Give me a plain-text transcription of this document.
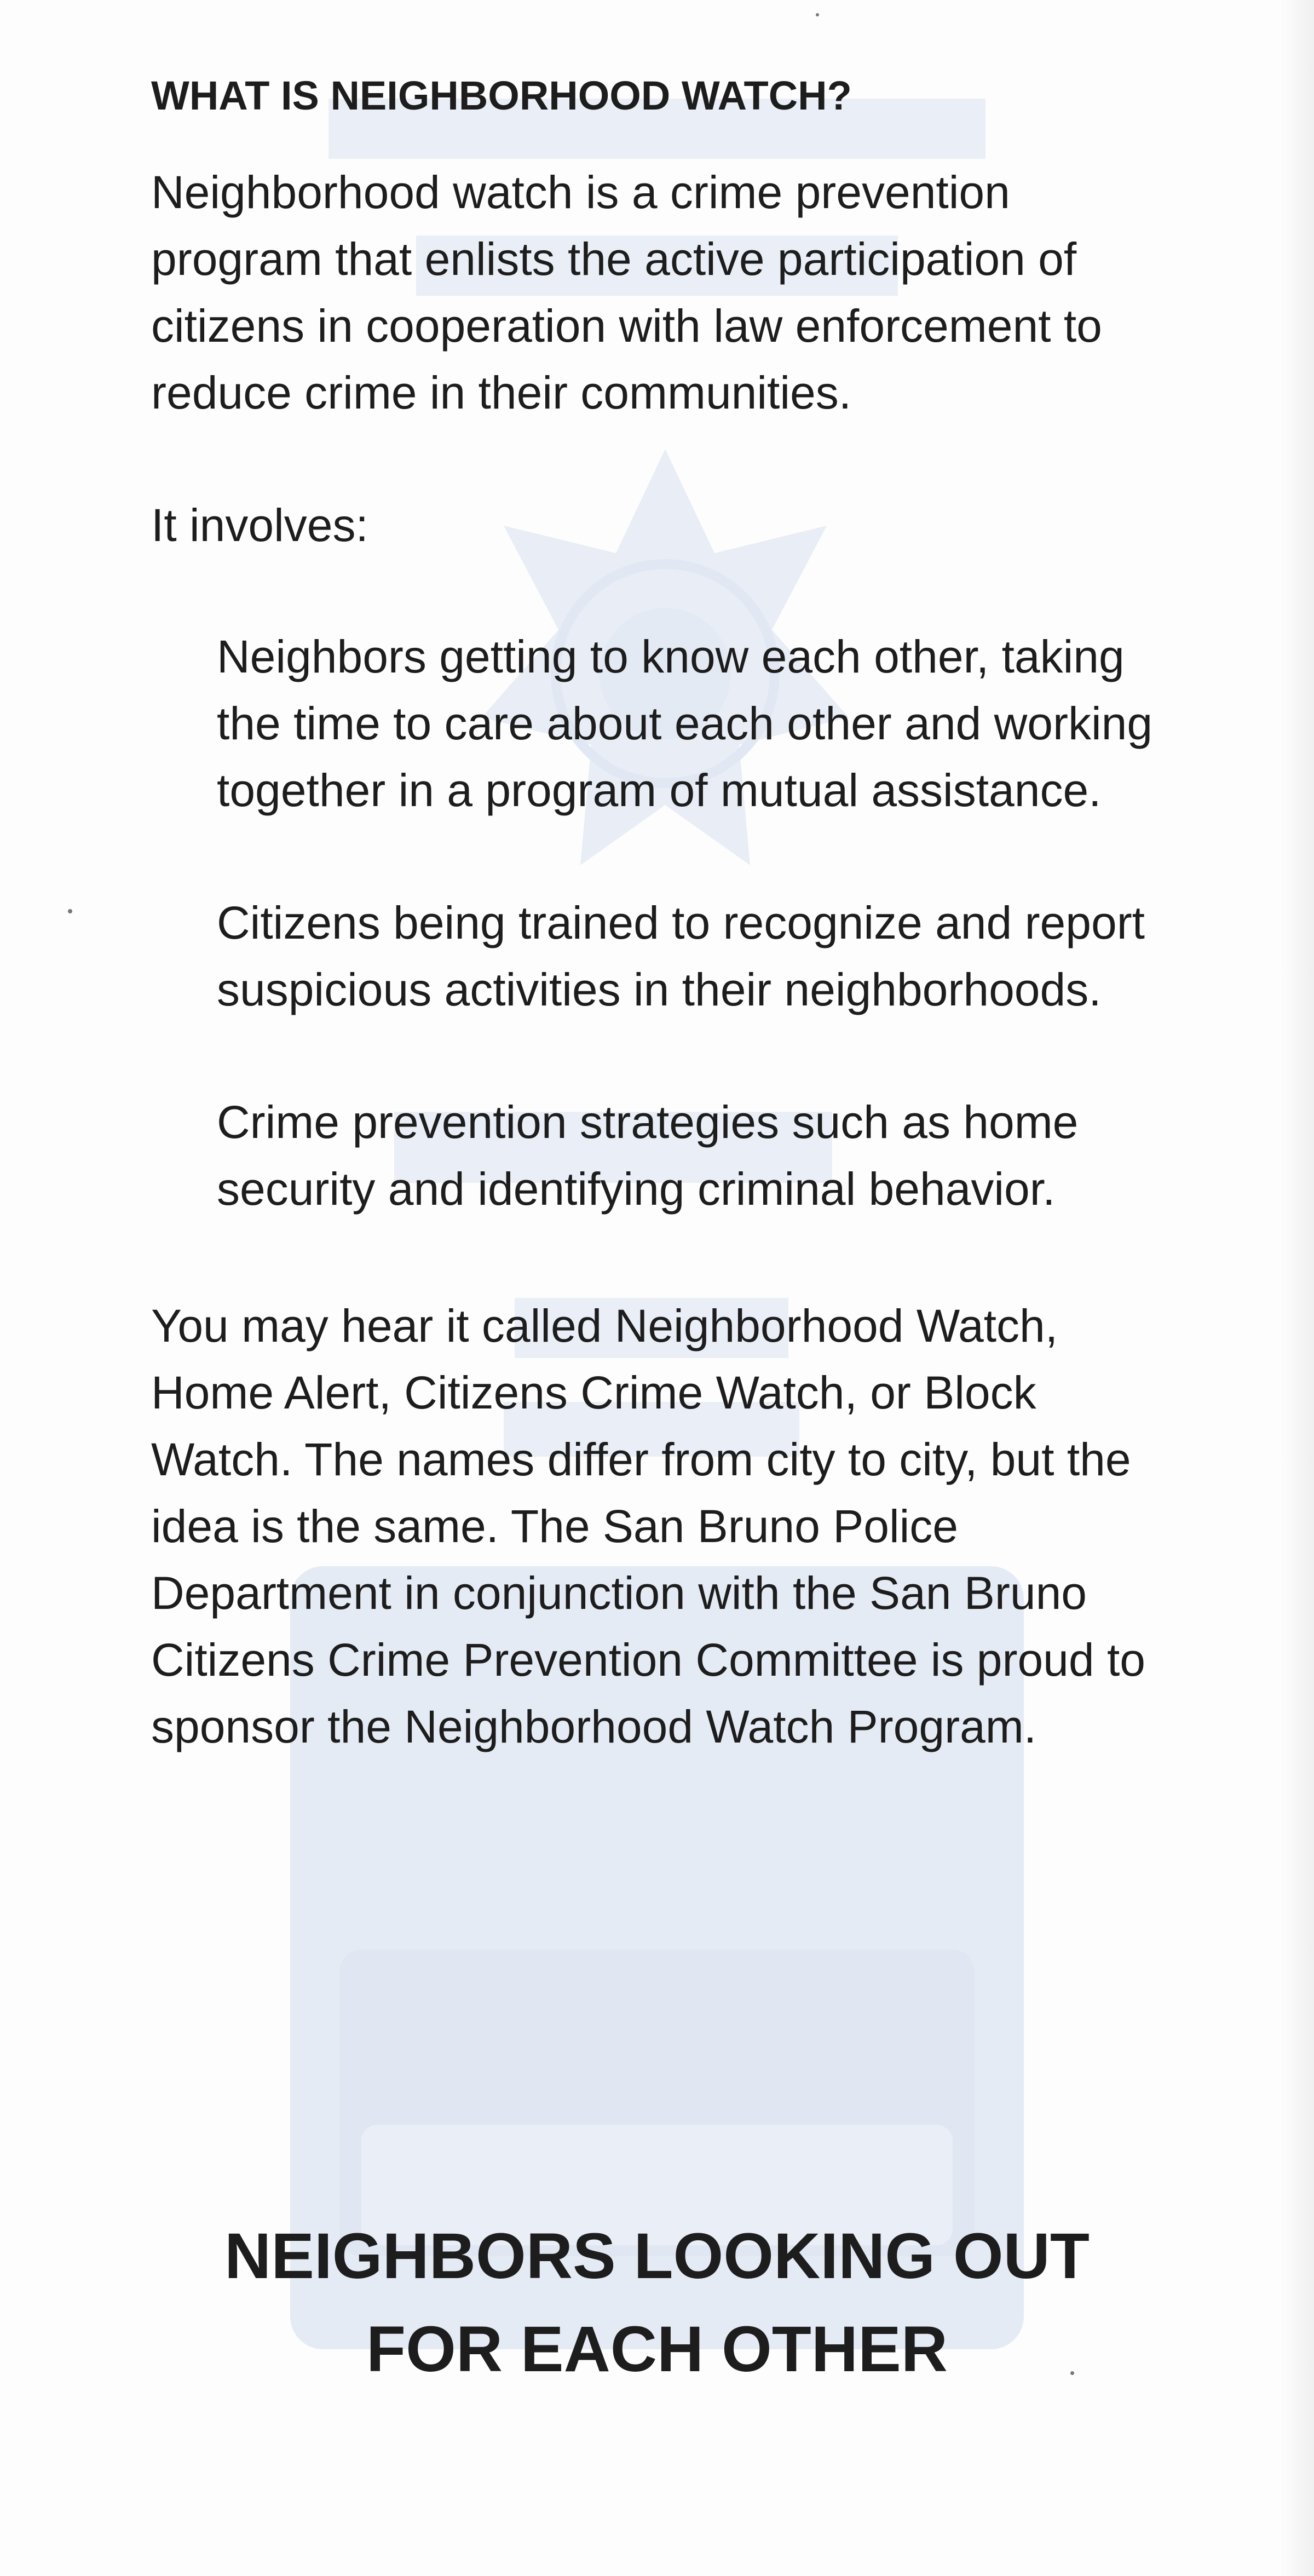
WHAT IS NEIGHBORHOOD WATCH?

Neighborhood watch is a crime prevention program that enlists the active participation of citizens in cooperation with law enforcement to reduce crime in their communities.

It involves:

Neighbors getting to know each other, taking the time to care about each other and working together in a program of mutual assistance.

Citizens being trained to recognize and report suspicious activities in their neighborhoods.

Crime prevention strategies such as home security and identifying criminal behavior.

You may hear it called Neighborhood Watch, Home Alert, Citizens Crime Watch, or Block Watch. The names differ from city to city, but the idea is the same. The San Bruno Police Department in conjunction with the San Bruno Citizens Crime Prevention Committee is proud to sponsor the Neighborhood Watch Program.

NEIGHBORS LOOKING OUT
FOR EACH OTHER
